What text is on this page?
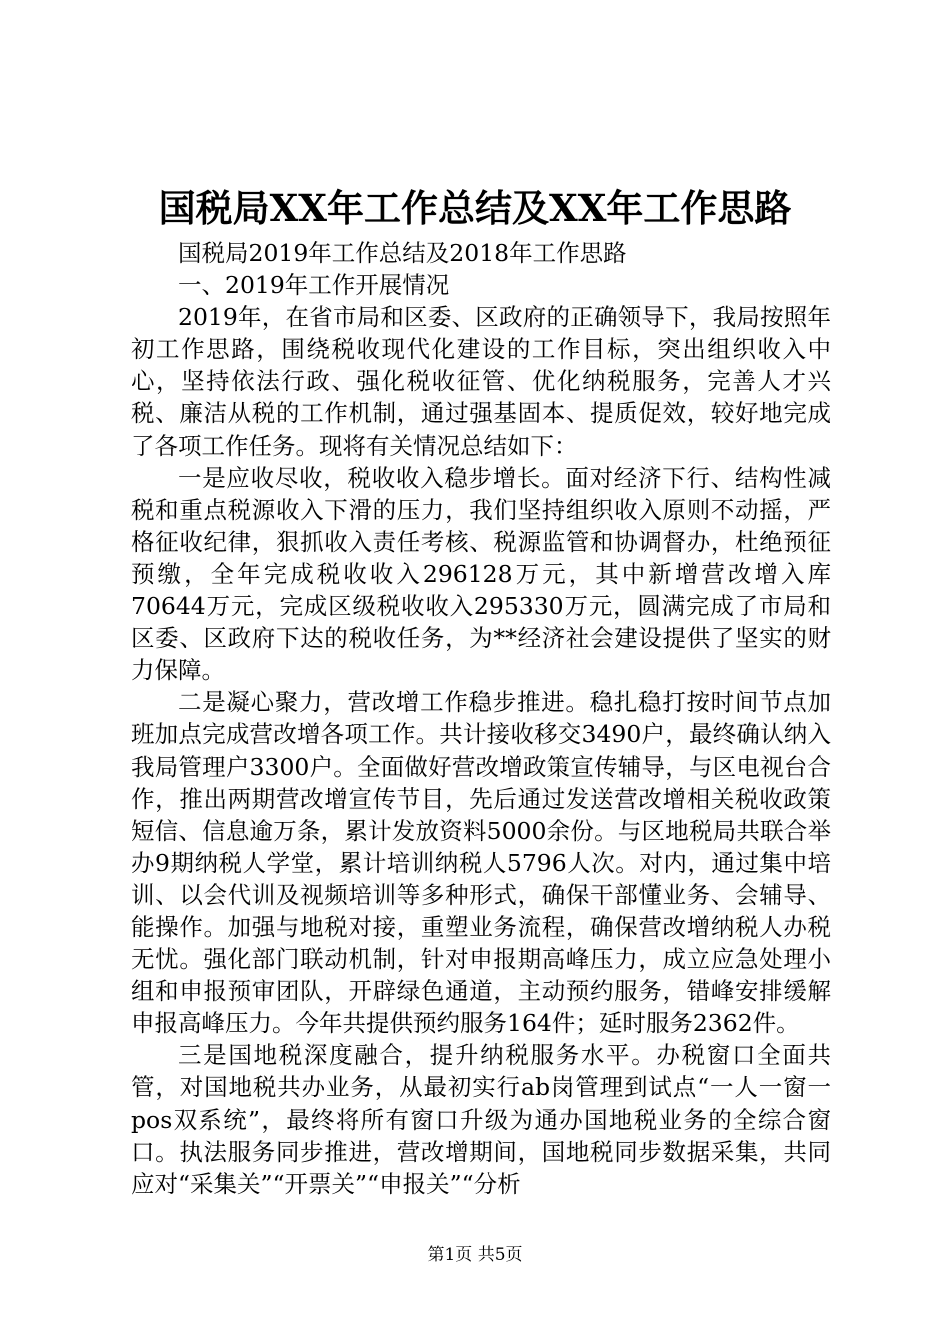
国税局XX年工作总结及XX年工作思路

国税局2019年工作总结及2018年工作思路

一、2019年工作开展情况

2019年，在省市局和区委、区政府的正确领导下，我局按照年初工作思路，围绕税收现代化建设的工作目标，突出组织收入中心，坚持依法行政、强化税收征管、优化纳税服务，完善人才兴税、廉洁从税的工作机制，通过强基固本、提质促效，较好地完成了各项工作任务。现将有关情况总结如下：

一是应收尽收，税收收入稳步增长。面对经济下行、结构性减税和重点税源收入下滑的压力，我们坚持组织收入原则不动摇，严格征收纪律，狠抓收入责任考核、税源监管和协调督办，杜绝预征预缴，全年完成税收收入296128万元，其中新增营改增入库70644万元，完成区级税收收入295330万元，圆满完成了市局和区委、区政府下达的税收任务，为**经济社会建设提供了坚实的财力保障。

二是凝心聚力，营改增工作稳步推进。稳扎稳打按时间节点加班加点完成营改增各项工作。共计接收移交3490户，最终确认纳入我局管理户3300户。全面做好营改增政策宣传辅导，与区电视台合作，推出两期营改增宣传节目，先后通过发送营改增相关税收政策短信、信息逾万条，累计发放资料5000余份。与区地税局共联合举办9期纳税人学堂，累计培训纳税人5796人次。对内，通过集中培训、以会代训及视频培训等多种形式，确保干部懂业务、会辅导、能操作。加强与地税对接，重塑业务流程，确保营改增纳税人办税无忧。强化部门联动机制，针对申报期高峰压力，成立应急处理小组和申报预审团队，开辟绿色通道，主动预约服务，错峰安排缓解申报高峰压力。今年共提供预约服务164件；延时服务2362件。

三是国地税深度融合，提升纳税服务水平。办税窗口全面共管，对国地税共办业务，从最初实行ab岗管理到试点“一人一窗一pos双系统”，最终将所有窗口升级为通办国地税业务的全综合窗口。执法服务同步推进，营改增期间，国地税同步数据采集，共同应对“采集关”“开票关”“申报关”“分析

第1页 共5页
